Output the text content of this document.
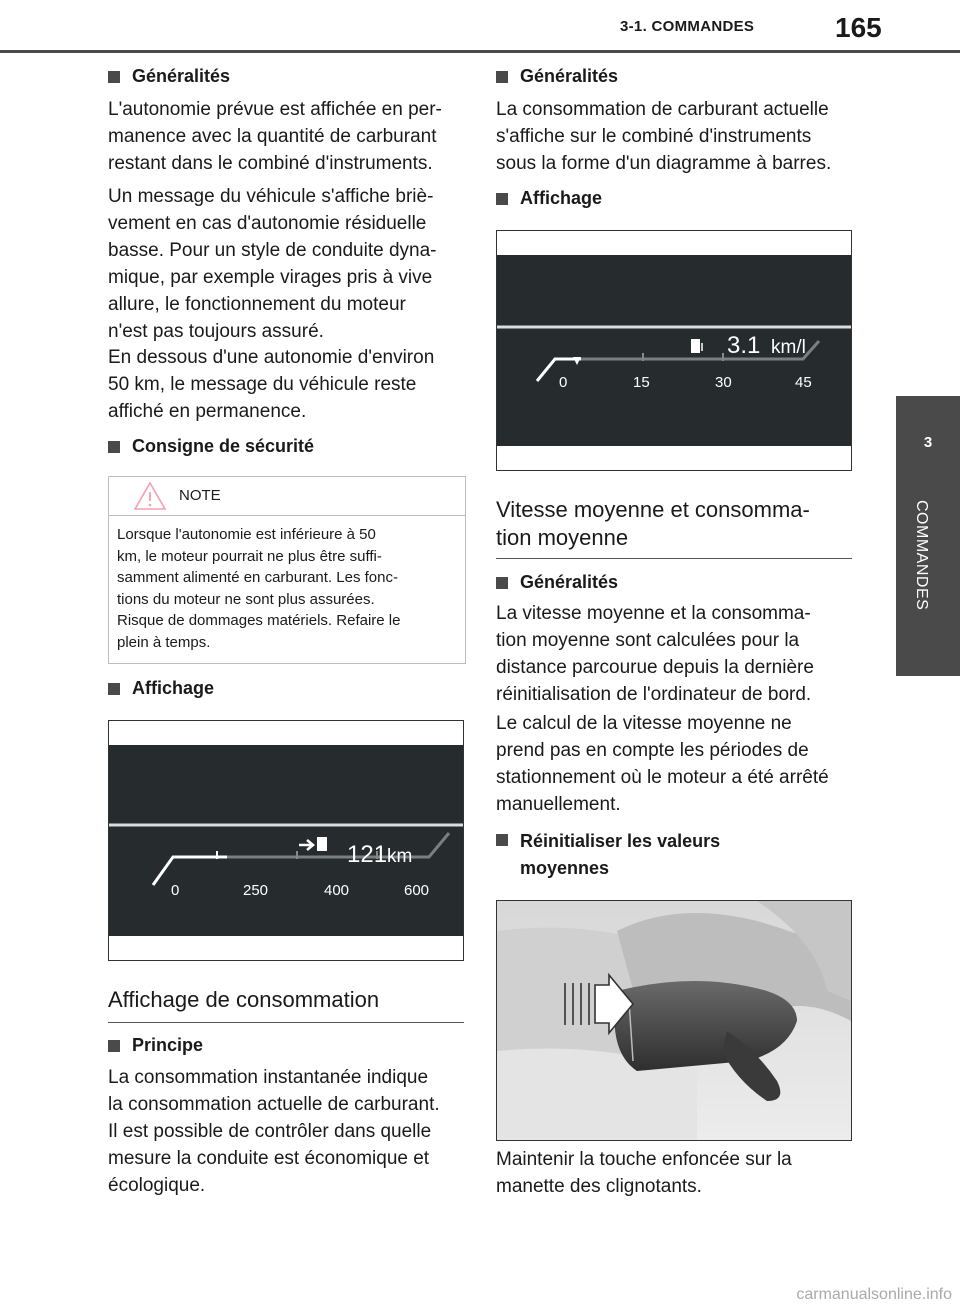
3-1. COMMANDES	165
3
COMMANDES
Généralités
L'autonomie prévue est affichée en per-
manence avec la quantité de carburant
restant dans le combiné d'instruments.
Un message du véhicule s'affiche briè-
vement en cas d'autonomie résiduelle
basse. Pour un style de conduite dyna-
mique, par exemple virages pris à vive
allure, le fonctionnement du moteur
n'est pas toujours assuré.
En dessous d'une autonomie d'environ
50 km, le message du véhicule reste
affiché en permanence.
Consigne de sécurité
NOTE
Lorsque l'autonomie est inférieure à 50
km, le moteur pourrait ne plus être suffi-
samment alimenté en carburant. Les fonc-
tions du moteur ne sont plus assurées.
Risque de dommages matériels. Refaire le
plein à temps.
Affichage
0	250	400	600
121 km
Affichage de consommation
Principe
La consommation instantanée indique
la consommation actuelle de carburant.
Il est possible de contrôler dans quelle
mesure la conduite est économique et
écologique.
Généralités
La consommation de carburant actuelle
s'affiche sur le combiné d'instruments
sous la forme d'un diagramme à barres.
Affichage
0	15	30	45
3.1 km/l
Vitesse moyenne et consomma-
tion moyenne
Généralités
La vitesse moyenne et la consomma-
tion moyenne sont calculées pour la
distance parcourue depuis la dernière
réinitialisation de l'ordinateur de bord.
Le calcul de la vitesse moyenne ne
prend pas en compte les périodes de
stationnement où le moteur a été arrêté
manuellement.
Réinitialiser les valeurs
moyennes
Maintenir la touche enfoncée sur la
manette des clignotants.
carmanualsonline.info
